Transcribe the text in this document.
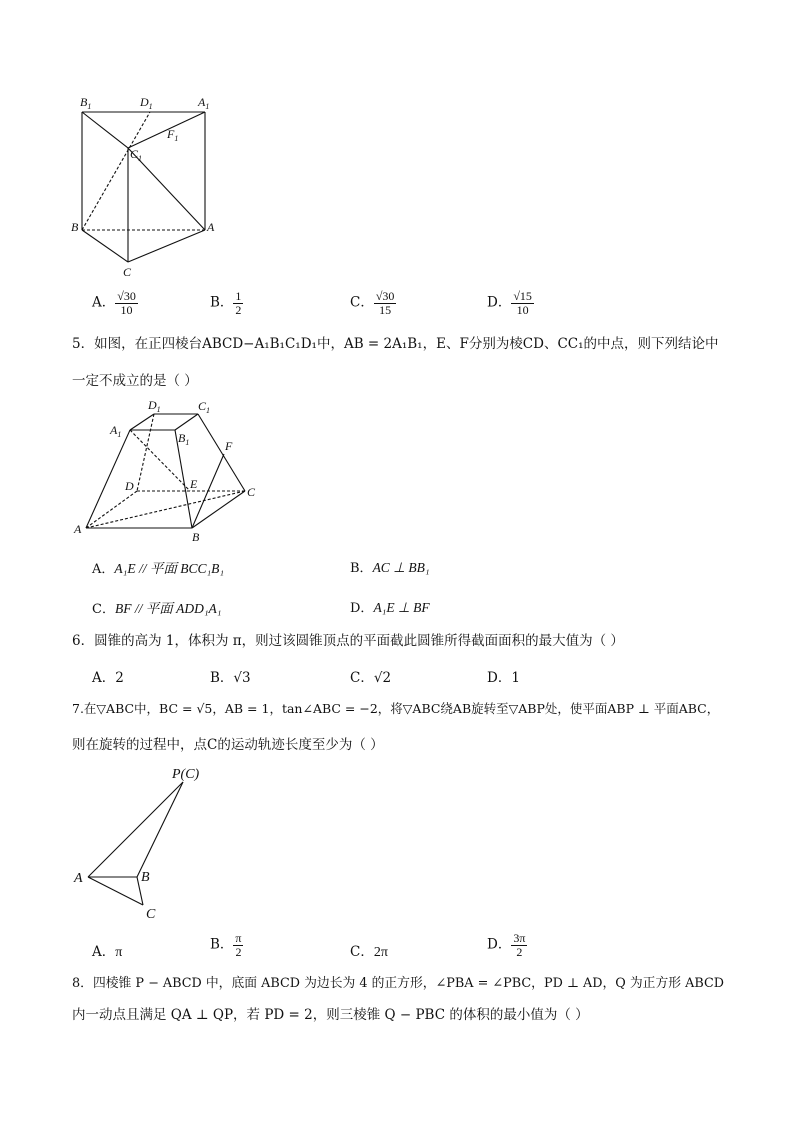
$B_1$	$D_1$	$A_1$
$F_1$
$C_1$
B	A
C
A． $\frac{√30}{10}$	B． $\frac{1}{2}$	C． $\frac{√30}{15}$	D． $\frac{√15}{10}$
5．如图，在正四棱台ABCD−A₁B₁C₁D₁中，AB = 2A₁B₁，E、F分别为棱CD、CC₁的中点，则下列结论中
一定不成立的是（ ）
$D_1$	$C_1$
$A_1$	$B_1$	F
D	E
C
A
B
A．A₁E // 平面 BCC₁B₁	B．AC ⊥ BB₁
C．BF // 平面 ADD₁A₁	D．A₁E ⊥ BF
6．圆锥的高为 1，体积为 π，则过该圆锥顶点的平面截此圆锥所得截面面积的最大值为（ ）
A．2	B．√3	C．√2	D．1
7.在▽ABC中，BC = √5，AB = 1，tan∠ABC = −2，将▽ABC绕AB旋转至▽ABP处，使平面ABP ⊥ 平面ABC，
则在旋转的过程中，点C的运动轨迹长度至少为（ ）
P(C)
A	B
C
A．π	B． $\frac{\pi}{2}$	C．2π	D． $\frac{3\pi}{2}$
8．四棱锥 P − ABCD 中，底面 ABCD 为边长为 4 的正方形，∠PBA = ∠PBC，PD ⊥ AD，Q 为正方形 ABCD
内一动点且满足 QA ⊥ QP，若 PD = 2，则三棱锥 Q − PBC 的体积的最小值为（ ）
